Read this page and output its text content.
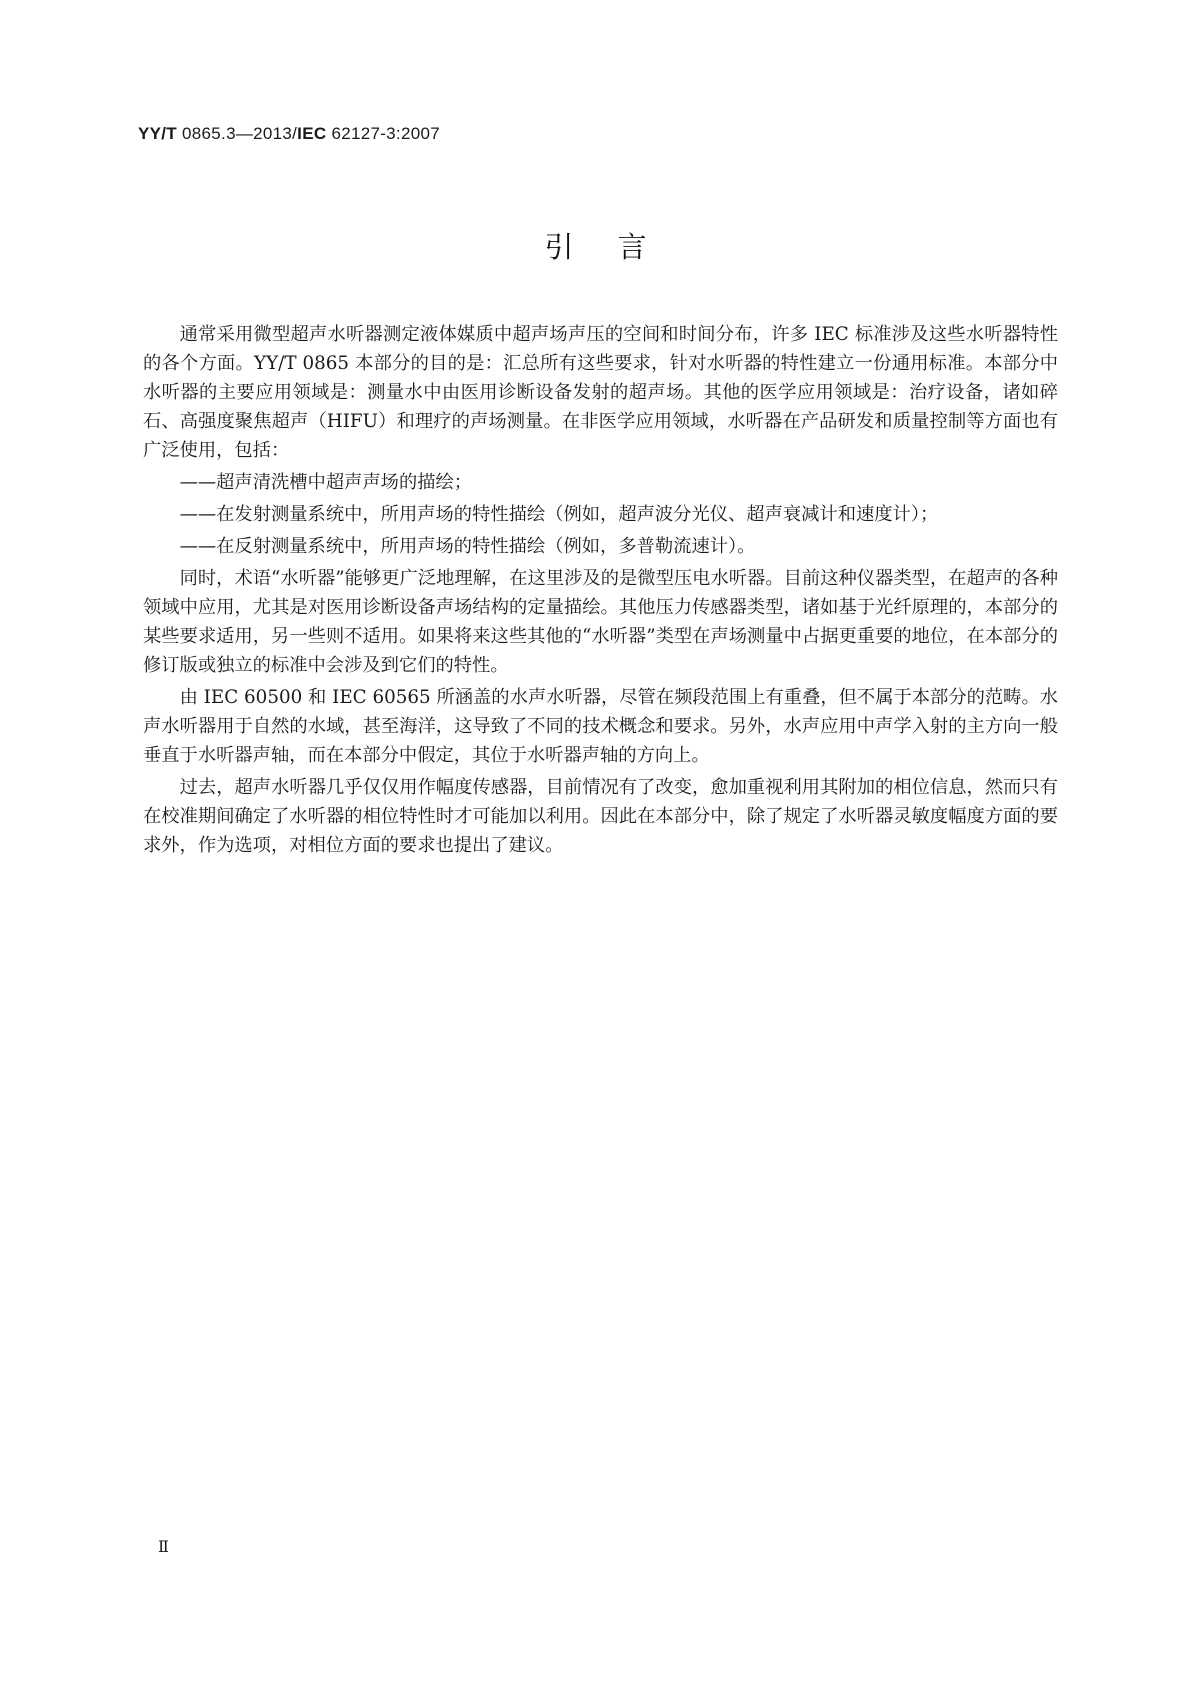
YY/T 0865.3—2013/IEC 62127-3:2007
引言

通常采用微型超声水听器测定液体媒质中超声场声压的空间和时间分布，许多 IEC 标准涉及这些水听器特性的各个方面。YY/T 0865 本部分的目的是：汇总所有这些要求，针对水听器的特性建立一份通用标准。本部分中水听器的主要应用领域是：测量水中由医用诊断设备发射的超声场。其他的医学应用领域是：治疗设备，诸如碎石、高强度聚焦超声（HIFU）和理疗的声场测量。在非医学应用领域，水听器在产品研发和质量控制等方面也有广泛使用，包括：

——超声清洗槽中超声声场的描绘；
——在发射测量系统中，所用声场的特性描绘（例如，超声波分光仪、超声衰减计和速度计）；
——在反射测量系统中，所用声场的特性描绘（例如，多普勒流速计）。

同时，术语“水听器”能够更广泛地理解，在这里涉及的是微型压电水听器。目前这种仪器类型，在超声的各种领域中应用，尤其是对医用诊断设备声场结构的定量描绘。其他压力传感器类型，诸如基于光纤原理的，本部分的某些要求适用，另一些则不适用。如果将来这些其他的“水听器”类型在声场测量中占据更重要的地位，在本部分的修订版或独立的标准中会涉及到它们的特性。

由 IEC 60500 和 IEC 60565 所涵盖的水声水听器，尽管在频段范围上有重叠，但不属于本部分的范畴。水声水听器用于自然的水域，甚至海洋，这导致了不同的技术概念和要求。另外，水声应用中声学入射的主方向一般垂直于水听器声轴，而在本部分中假定，其位于水听器声轴的方向上。

过去，超声水听器几乎仅仅用作幅度传感器，目前情况有了改变，愈加重视利用其附加的相位信息，然而只有在校准期间确定了水听器的相位特性时才可能加以利用。因此在本部分中，除了规定了水听器灵敏度幅度方面的要求外，作为选项，对相位方面的要求也提出了建议。

Ⅱ
